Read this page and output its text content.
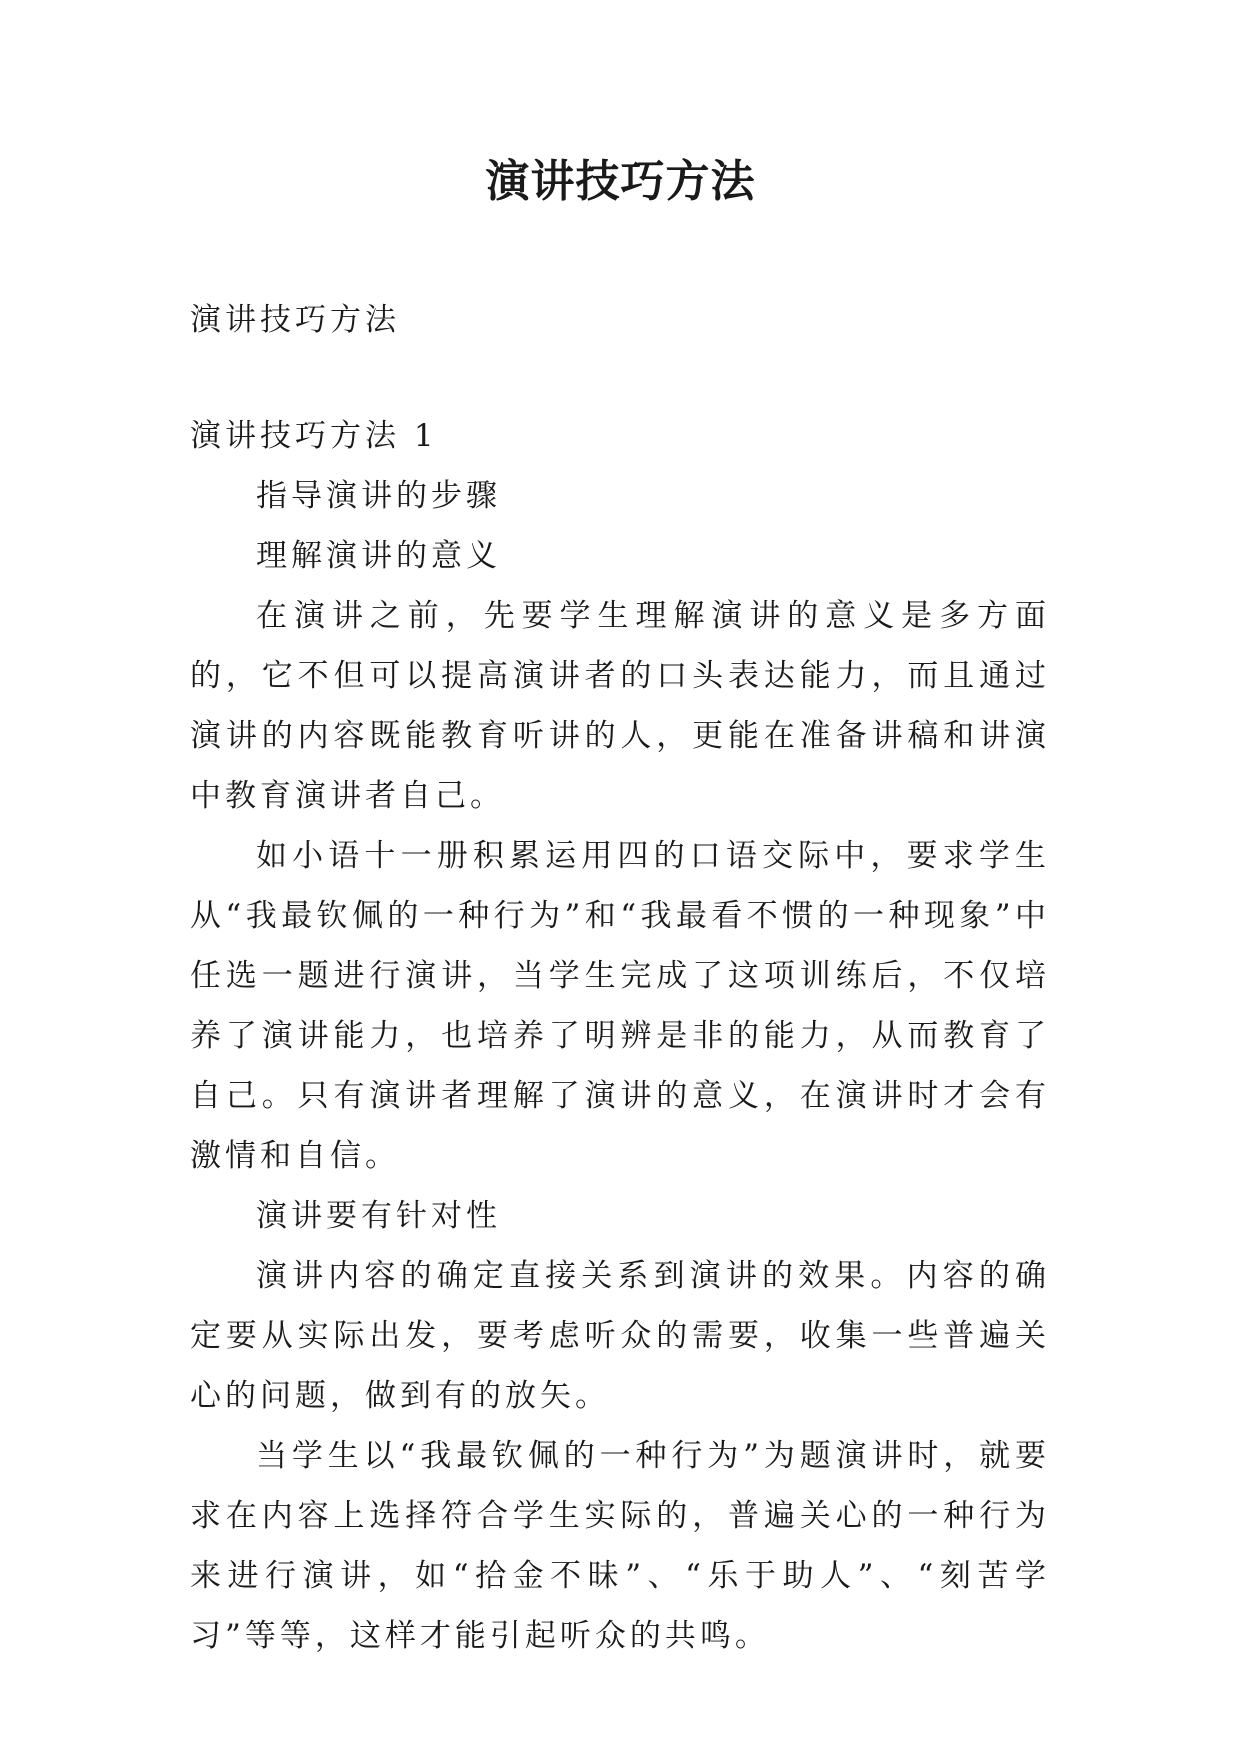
演讲技巧方法

演讲技巧方法

演讲技巧方法 1

指导演讲的步骤

理解演讲的意义

在演讲之前，先要学生理解演讲的意义是多方面的，它不但可以提高演讲者的口头表达能力，而且通过演讲的内容既能教育听讲的人，更能在准备讲稿和讲演中教育演讲者自己。

如小语十一册积累运用四的口语交际中，要求学生从“我最钦佩的一种行为”和“我最看不惯的一种现象”中任选一题进行演讲，当学生完成了这项训练后，不仅培养了演讲能力，也培养了明辨是非的能力，从而教育了自己。只有演讲者理解了演讲的意义，在演讲时才会有激情和自信。

演讲要有针对性

演讲内容的确定直接关系到演讲的效果。内容的确定要从实际出发，要考虑听众的需要，收集一些普遍关心的问题，做到有的放矢。

当学生以“我最钦佩的一种行为”为题演讲时，就要求在内容上选择符合学生实际的，普遍关心的一种行为来进行演讲，如“拾金不昧”、“乐于助人”、“刻苦学习”等等，这样才能引起听众的共鸣。
